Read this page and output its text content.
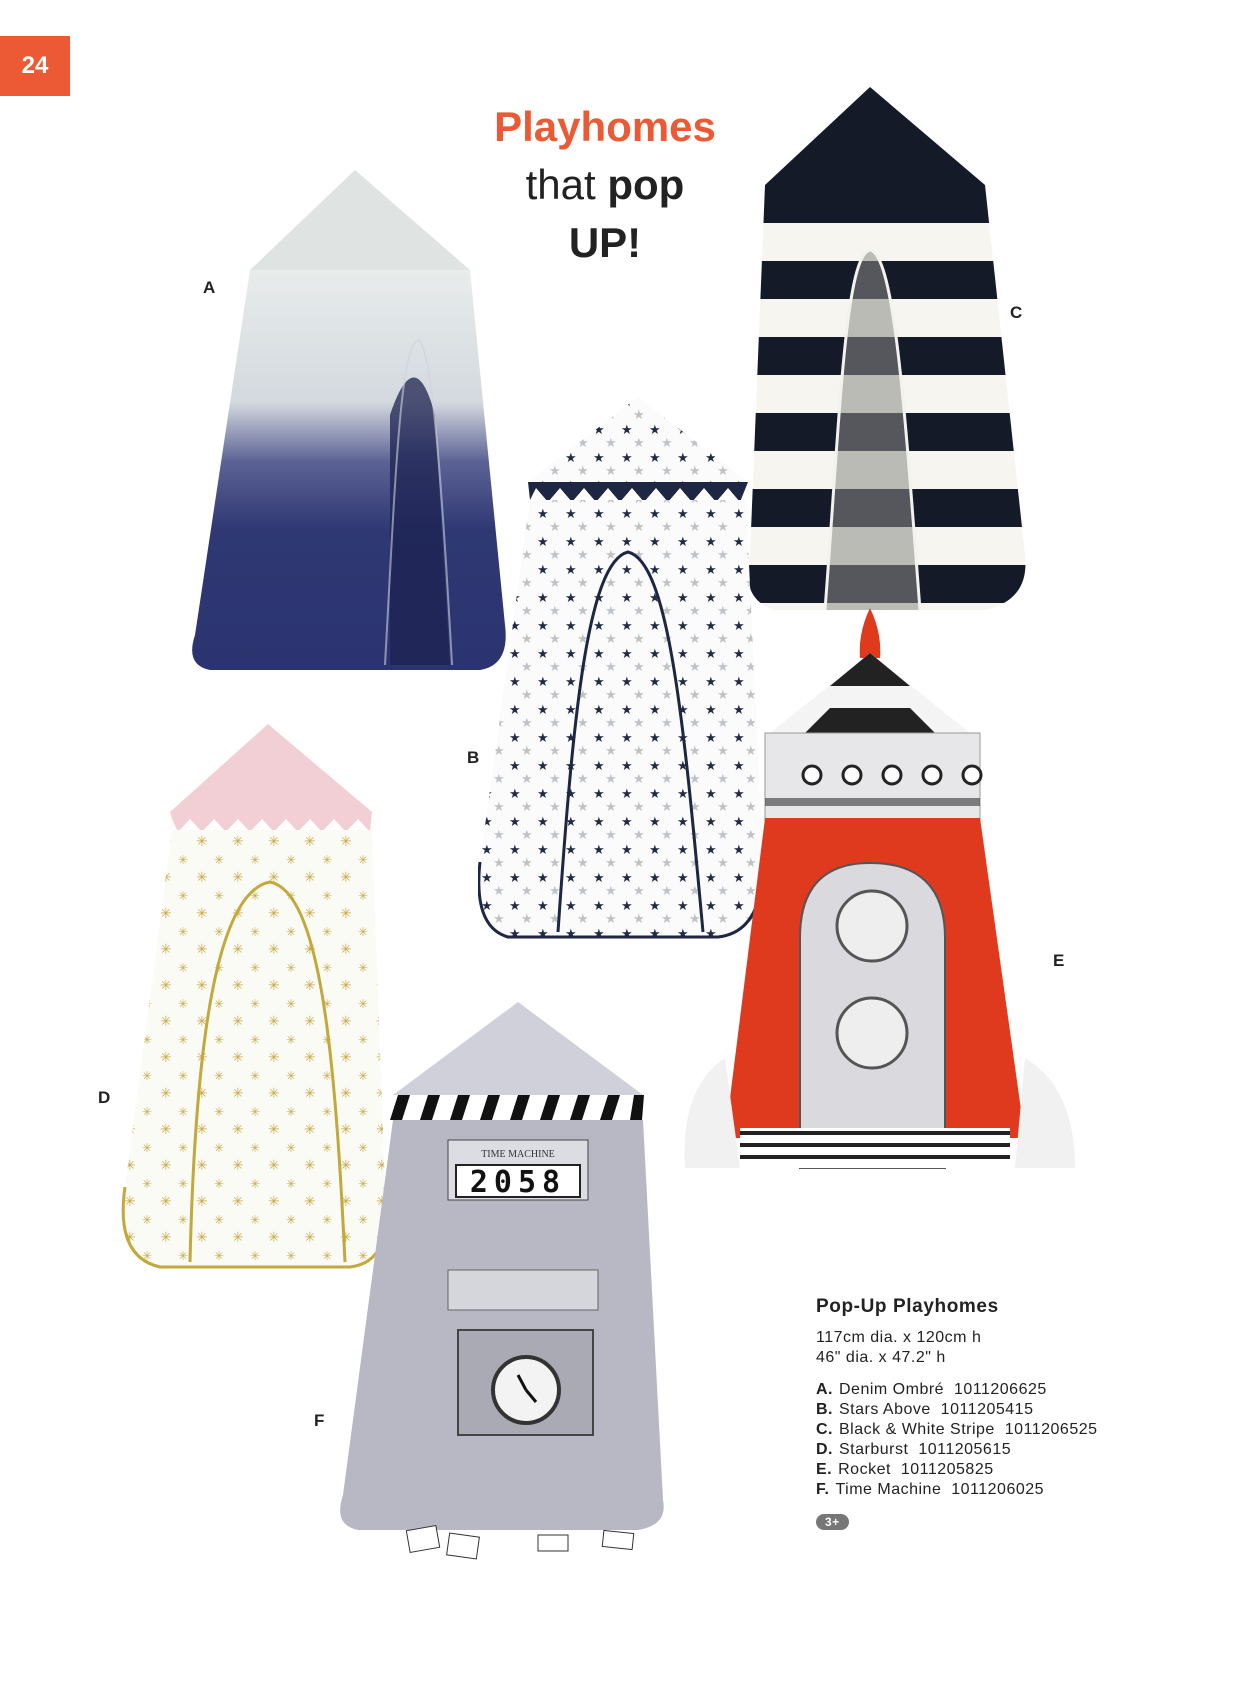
24
Playhomes
that pop
UP!
TIME MACHINE
2058
A
C
B
E
D
F
Pop-Up Playhomes
117cm dia. x 120cm h
46" dia. x 47.2" h
A. Denim Ombré 1011206625
B. Stars Above 1011205415
C. Black & White Stripe 1011206525
D. Starburst 1011205615
E. Rocket 1011205825
F. Time Machine 1011206025
3+
